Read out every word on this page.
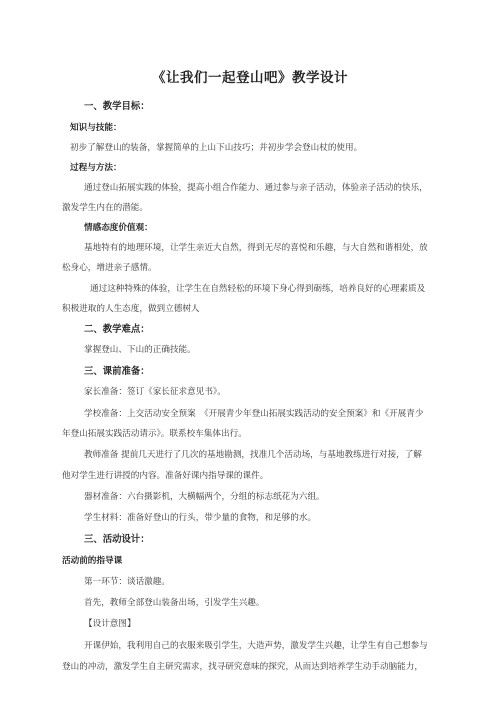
《让我们一起登山吧》教学设计
一、教学目标：
知识与技能：
初步了解登山的装备，掌握简单的上山下山技巧；并初步学会登山杖的使用。
过程与方法：
通过登山拓展实践的体验，提高小组合作能力、通过参与亲子活动，体验亲子活动的快乐，
激发学生内在的潜能。
情感态度价值观：
基地特有的地理环境，让学生亲近大自然，得到无尽的喜悦和乐趣，与大自然和谐相处，放
松身心，增进亲子感情。
通过这种特殊的体验，让学生在自然轻松的环境下身心得到砺练，培养良好的心理素质及
积极进取的人生态度，做到立德树人
二、教学难点：
掌握登山、下山的正确技能。
三、课前准备：
家长准备：签订《家长征求意见书》。
学校准备：上交活动安全预案　《开展青少年登山拓展实践活动的安全预案》和《开展青少
年登山拓展实践活动请示》。联系校车集体出行。
教师准备 提前几天进行了几次的基地勘测，找准几个活动场，与基地教练进行对接，了解
他对学生进行讲授的内容。准备好课内指导课的课件。
器材准备：六台摄影机，大横幅两个，分组的标志纸花为六组。
学生材料：准备好登山的行头，带少量的食物，和足够的水。
三、活动设计：
活动前的指导课
第一环节：谈话激趣。
首先，教师全部登山装备出场，引发学生兴趣。
【设计意图】
开课伊始，我利用自己的衣服来吸引学生，大造声势，激发学生兴趣，让学生有自己想参与
登山的冲动，激发学生自主研究需求，找寻研究意味的探究，从而达到培养学生动手动脑能力，
